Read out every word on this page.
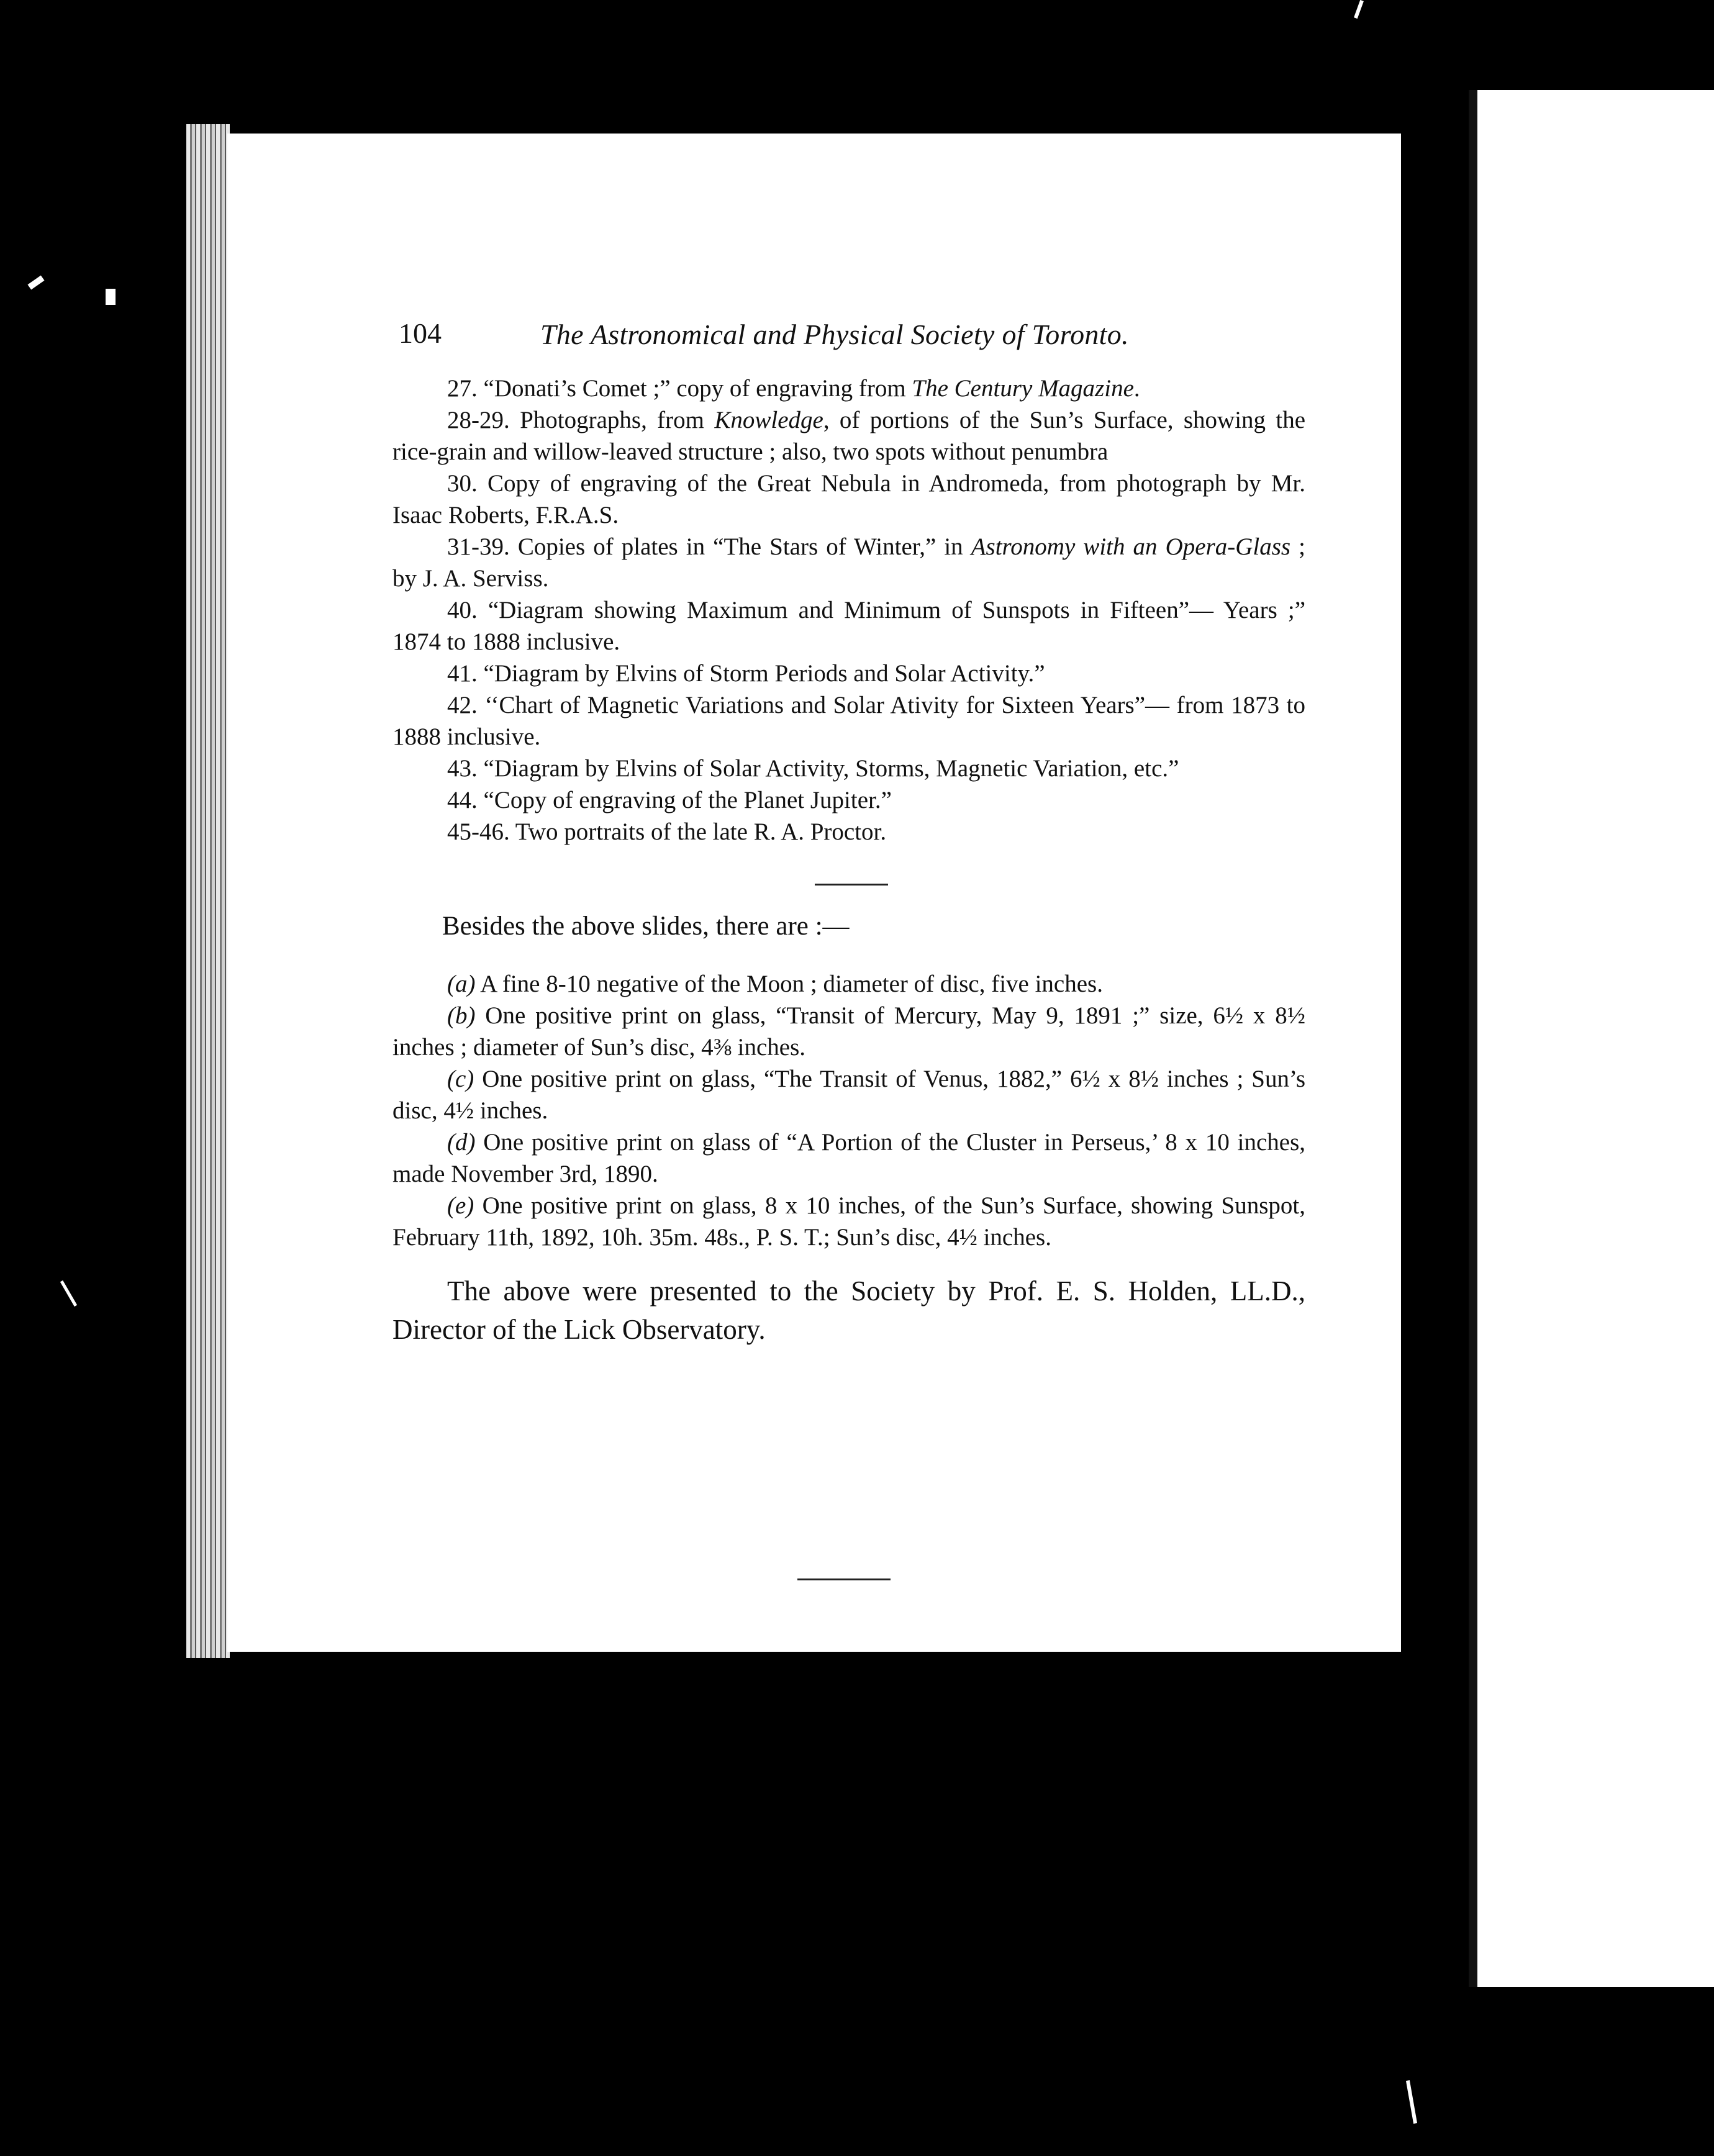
104	The Astronomical and Physical Society of Toronto.

27. “Donati’s Comet ;” copy of engraving from The Century Magazine.

28-29. Photographs, from Knowledge, of portions of the Sun’s Surface, showing the rice-grain and willow-leaved structure ; also, two spots without penumbra

30. Copy of engraving of the Great Nebula in Andromeda, from photograph by Mr. Isaac Roberts, F.R.A.S.

31-39. Copies of plates in “The Stars of Winter,” in Astronomy with an Opera-Glass ; by J. A. Serviss.

40. “Diagram showing Maximum and Minimum of Sunspots in Fifteen”— Years ;” 1874 to 1888 inclusive.

41. “Diagram by Elvins of Storm Periods and Solar Activity.”

42. ‘‘Chart of Magnetic Variations and Solar Ativity for Sixteen Years”— from 1873 to 1888 inclusive.

43. “Diagram by Elvins of Solar Activity, Storms, Magnetic Variation, etc.”

44. “Copy of engraving of the Planet Jupiter.”

45-46. Two portraits of the late R. A. Proctor.

Besides the above slides, there are :—

(a) A fine 8-10 negative of the Moon ; diameter of disc, five inches.

(b) One positive print on glass, “Transit of Mercury, May 9, 1891 ;” size, 6½ x 8½ inches ; diameter of Sun’s disc, 4⅜ inches.

(c) One positive print on glass, “The Transit of Venus, 1882,” 6½ x 8½ inches ; Sun’s disc, 4½ inches.

(d) One positive print on glass of “A Portion of the Cluster in Perseus,’ 8 x 10 inches, made November 3rd, 1890.

(e) One positive print on glass, 8 x 10 inches, of the Sun’s Surface, showing Sunspot, February 11th, 1892, 10h. 35m. 48s., P. S. T.; Sun’s disc, 4½ inches.

The above were presented to the Society by Prof. E. S. Holden, LL.D., Director of the Lick Observatory.
